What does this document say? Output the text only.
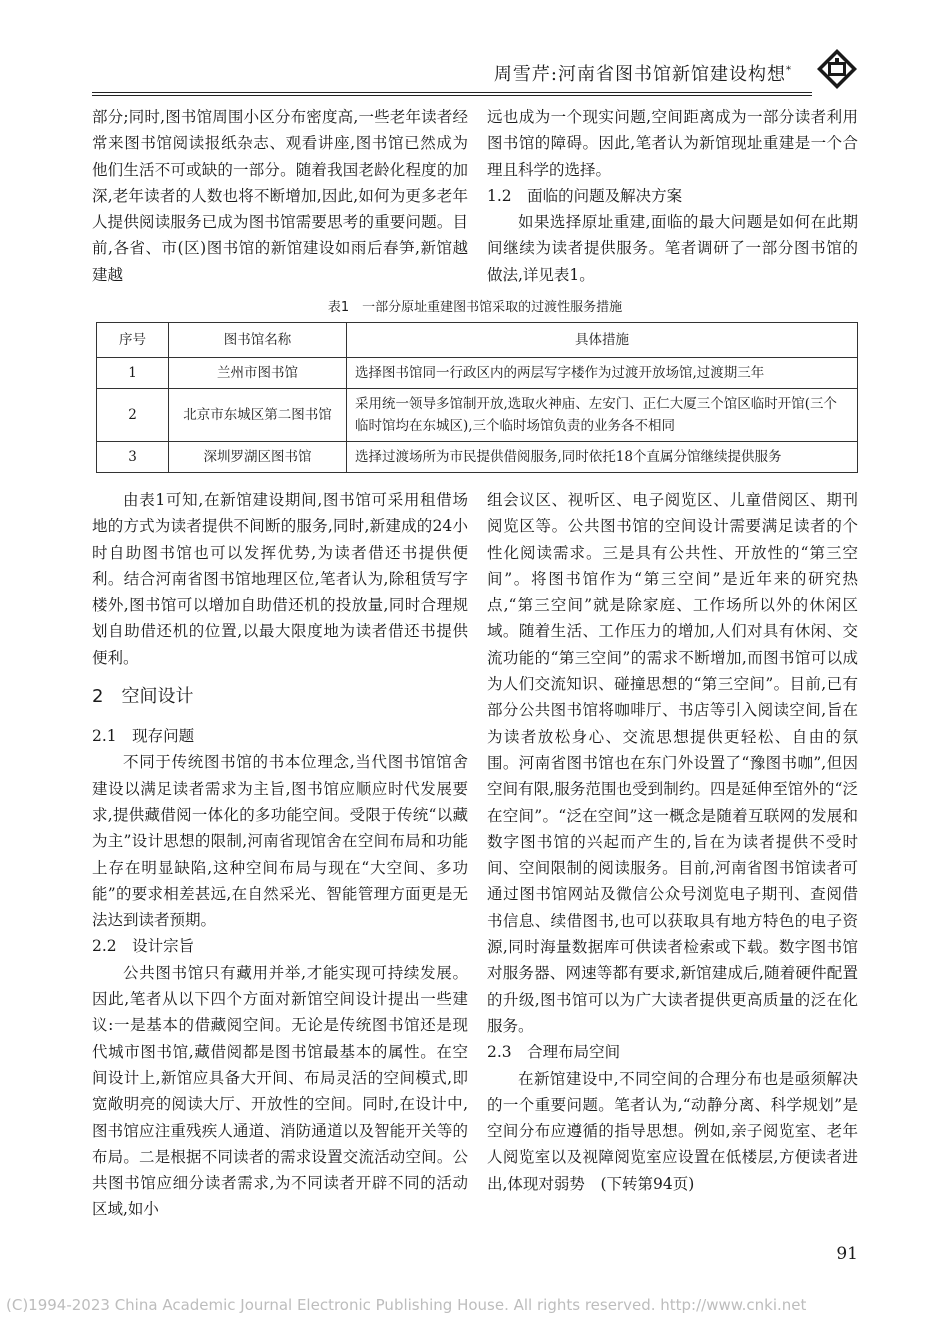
周雪芹:河南省图书馆新馆建设构想*

部分;同时,图书馆周围小区分布密度高,一些老年读者经常来图书馆阅读报纸杂志、观看讲座,图书馆已然成为他们生活不可或缺的一部分。随着我国老龄化程度的加深,老年读者的人数也将不断增加,因此,如何为更多老年人提供阅读服务已成为图书馆需要思考的重要问题。目前,各省、市(区)图书馆的新馆建设如雨后春笋,新馆越建越

远也成为一个现实问题,空间距离成为一部分读者利用图书馆的障碍。因此,笔者认为新馆现址重建是一个合理且科学的选择。

1.2　面临的问题及解决方案

如果选择原址重建,面临的最大问题是如何在此期间继续为读者提供服务。笔者调研了一部分图书馆的做法,详见表1。

表1　一部分原址重建图书馆采取的过渡性服务措施
序号	图书馆名称	具体措施
1	兰州市图书馆	选择图书馆同一行政区内的两层写字楼作为过渡开放场馆,过渡期三年
2	北京市东城区第二图书馆	采用统一领导多馆制开放,选取火神庙、左安门、正仁大厦三个馆区临时开馆(三个临时馆均在东城区),三个临时场馆负责的业务各不相同
3	深圳罗湖区图书馆	选择过渡场所为市民提供借阅服务,同时依托18个直属分馆继续提供服务

由表1可知,在新馆建设期间,图书馆可采用租借场地的方式为读者提供不间断的服务,同时,新建成的24小时自助图书馆也可以发挥优势,为读者借还书提供便利。结合河南省图书馆地理区位,笔者认为,除租赁写字楼外,图书馆可以增加自助借还机的投放量,同时合理规划自助借还机的位置,以最大限度地为读者借还书提供便利。

2　空间设计
2.1　现存问题

不同于传统图书馆的书本位理念,当代图书馆馆舍建设以满足读者需求为主旨,图书馆应顺应时代发展要求,提供藏借阅一体化的多功能空间。受限于传统“以藏为主”设计思想的限制,河南省现馆舍在空间布局和功能上存在明显缺陷,这种空间布局与现在“大空间、多功能”的要求相差甚远,在自然采光、智能管理方面更是无法达到读者预期。

2.2　设计宗旨

公共图书馆只有藏用并举,才能实现可持续发展。因此,笔者从以下四个方面对新馆空间设计提出一些建议:一是基本的借藏阅空间。无论是传统图书馆还是现代城市图书馆,藏借阅都是图书馆最基本的属性。在空间设计上,新馆应具备大开间、布局灵活的空间模式,即宽敞明亮的阅读大厅、开放性的空间。同时,在设计中,图书馆应注重残疾人通道、消防通道以及智能开关等的布局。二是根据不同读者的需求设置交流活动空间。公共图书馆应细分读者需求,为不同读者开辟不同的活动区域,如小

组会议区、视听区、电子阅览区、儿童借阅区、期刊阅览区等。公共图书馆的空间设计需要满足读者的个性化阅读需求。三是具有公共性、开放性的“第三空间”。将图书馆作为“第三空间”是近年来的研究热点,“第三空间”就是除家庭、工作场所以外的休闲区域。随着生活、工作压力的增加,人们对具有休闲、交流功能的“第三空间”的需求不断增加,而图书馆可以成为人们交流知识、碰撞思想的“第三空间”。目前,已有部分公共图书馆将咖啡厅、书店等引入阅读空间,旨在为读者放松身心、交流思想提供更轻松、自由的氛围。河南省图书馆也在东门外设置了“豫图书咖”,但因空间有限,服务范围也受到制约。四是延伸至馆外的“泛在空间”。“泛在空间”这一概念是随着互联网的发展和数字图书馆的兴起而产生的,旨在为读者提供不受时间、空间限制的阅读服务。目前,河南省图书馆读者可通过图书馆网站及微信公众号浏览电子期刊、查阅借书信息、续借图书,也可以获取具有地方特色的电子资源,同时海量数据库可供读者检索或下载。数字图书馆对服务器、网速等都有要求,新馆建成后,随着硬件配置的升级,图书馆可以为广大读者提供更高质量的泛在化服务。

2.3　合理布局空间

在新馆建设中,不同空间的合理分布也是亟须解决的一个重要问题。笔者认为,“动静分离、科学规划”是空间分布应遵循的指导思想。例如,亲子阅览室、老年人阅览室以及视障阅览室应设置在低楼层,方便读者进出,体现对弱势　 (下转第94页)

91
(C)1994-2023 China Academic Journal Electronic Publishing House. All rights reserved. http://www.cnki.net
